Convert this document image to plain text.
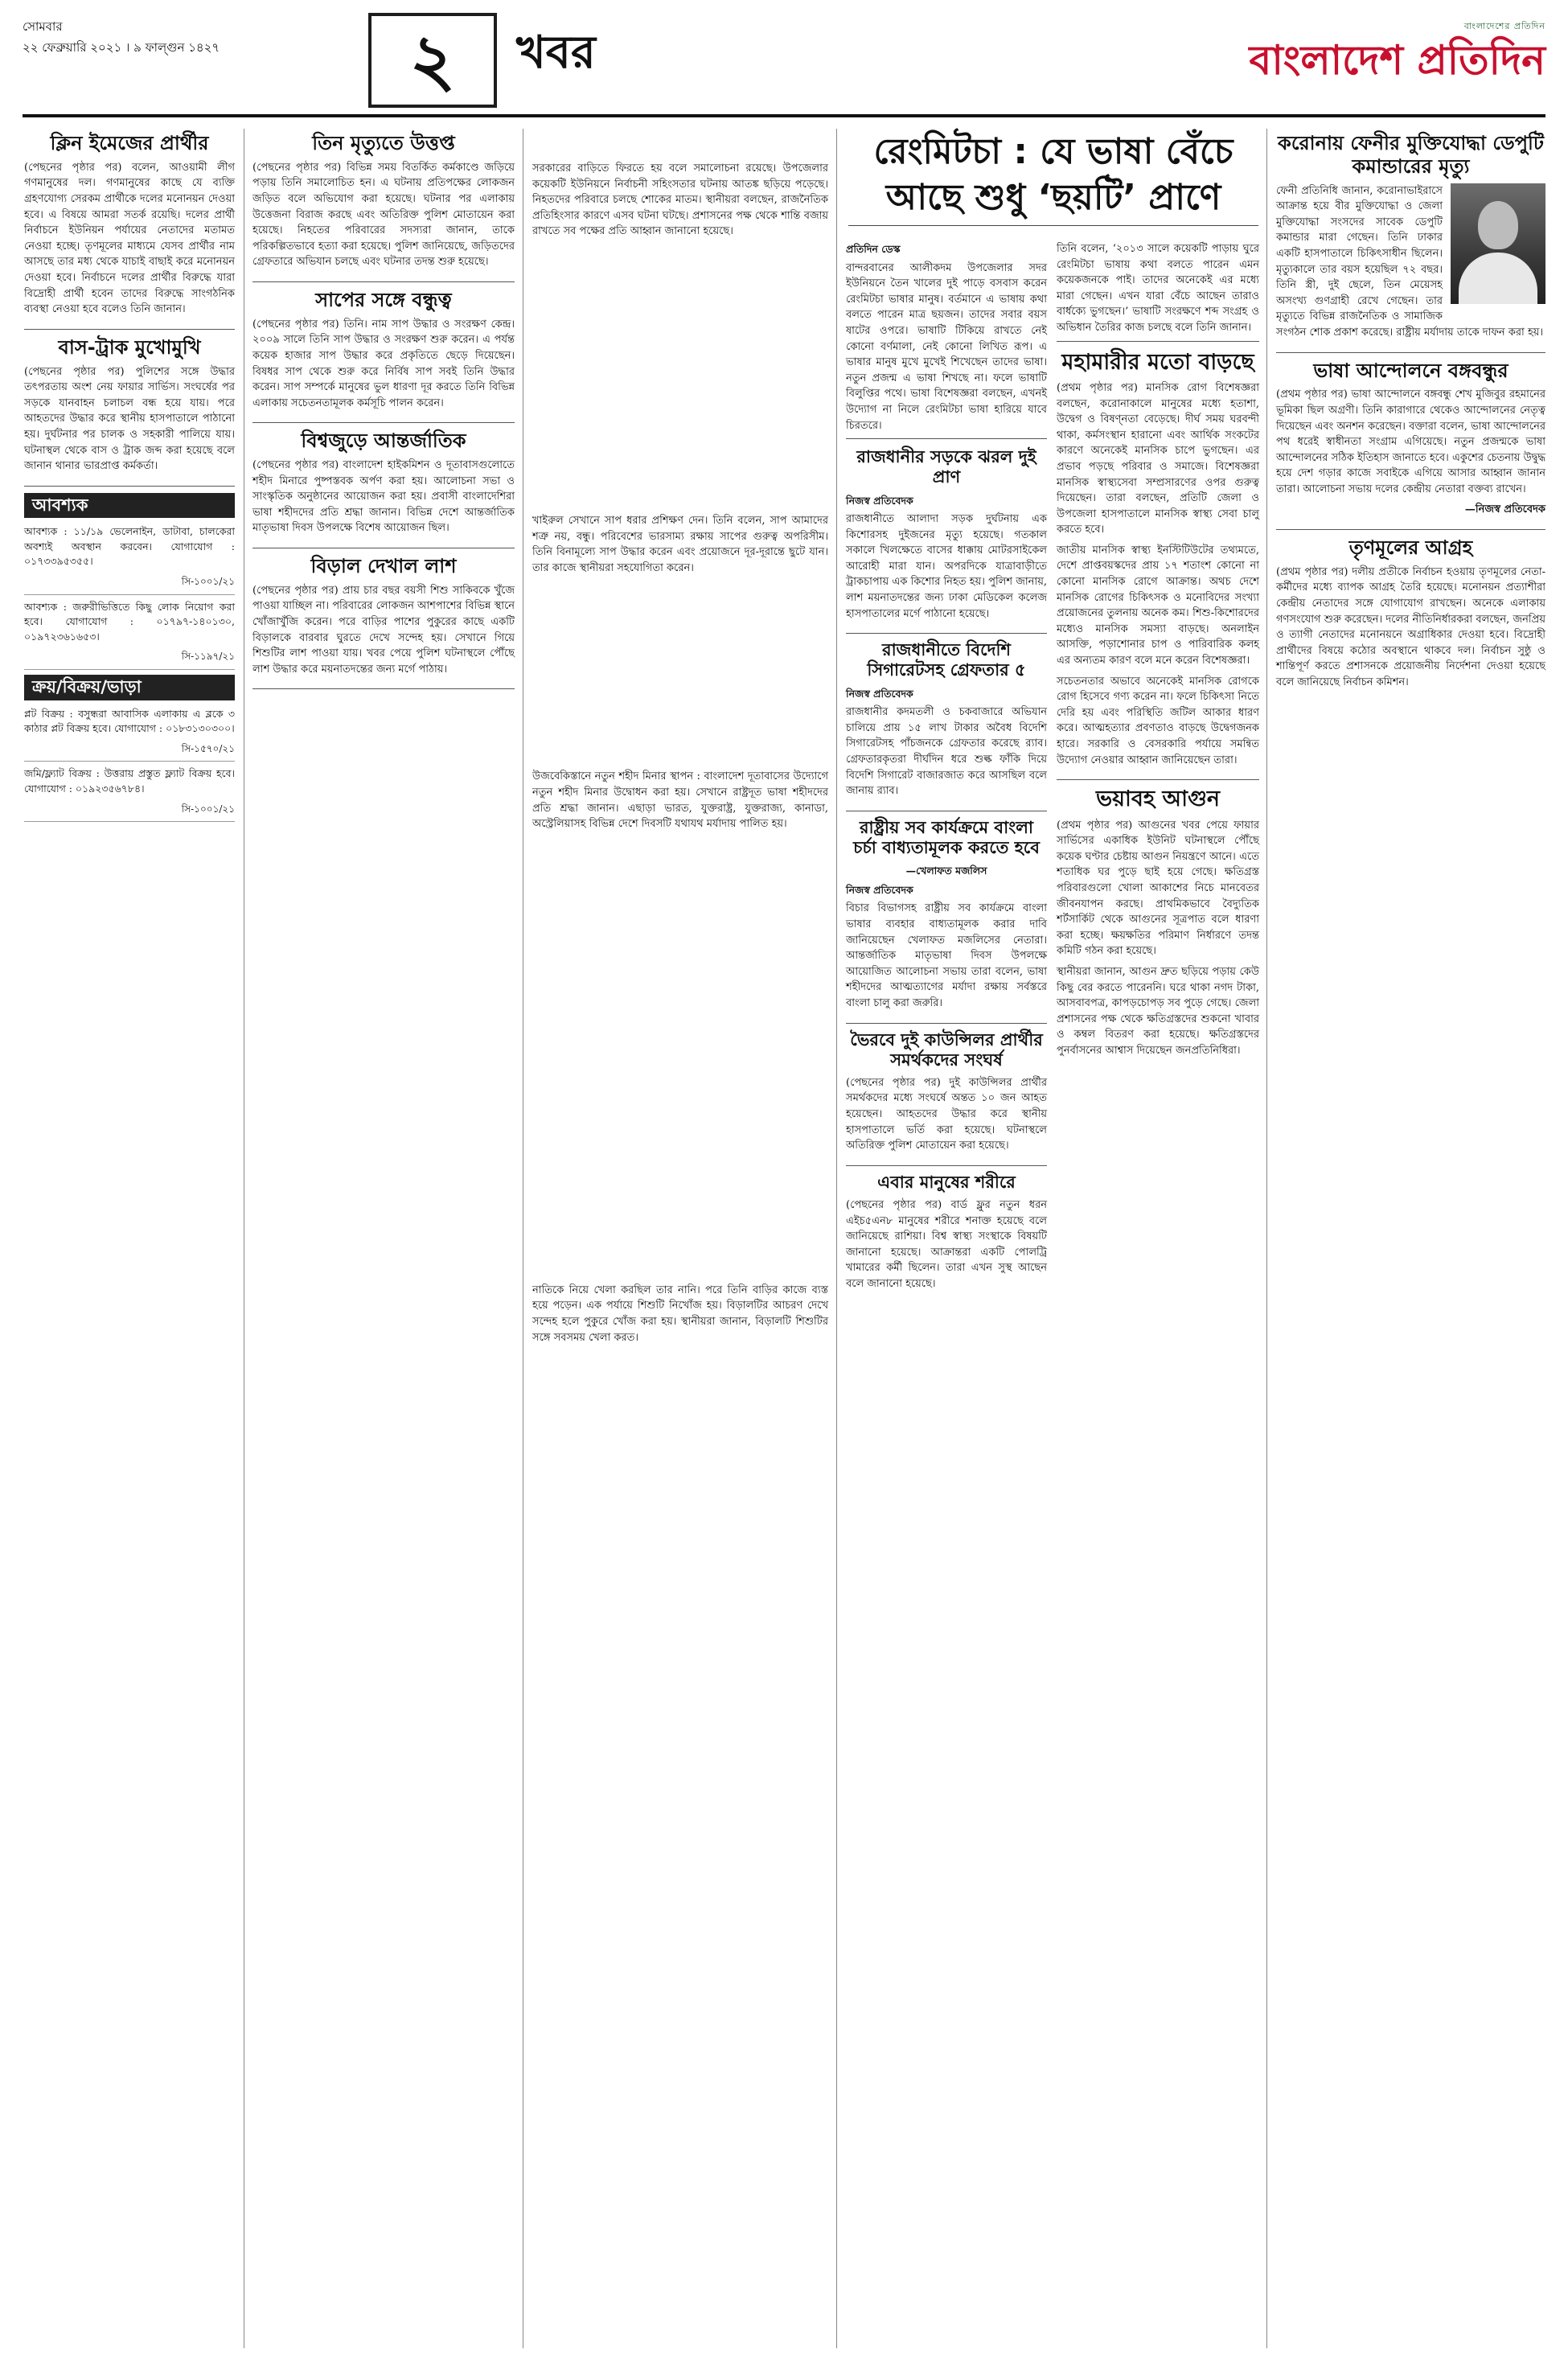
সোমবার
২২ ফেব্রুয়ারি ২০২১ । ৯ ফাল্গুন ১৪২৭	২ খবর	বাংলাদেশের প্রতিদিন
বাংলাদেশ প্রতিদিন
ক্লিন ইমেজের প্রার্থীর

(পেছনের পৃষ্ঠার পর) বলেন, আওয়ামী লীগ গণমানুষের দল। গণমানুষের কাছে যে ব্যক্তি গ্রহণযোগ্য সেরকম প্রার্থীকে দলের মনোনয়ন দেওয়া হবে। এ বিষয়ে আমরা সতর্ক রয়েছি। দলের প্রার্থী নির্বাচনে ইউনিয়ন পর্যায়ের নেতাদের মতামত নেওয়া হচ্ছে। তৃণমূলের মাধ্যমে যেসব প্রার্থীর নাম আসছে তার মধ্য থেকে যাচাই বাছাই করে মনোনয়ন দেওয়া হবে। নির্বাচনে দলের প্রার্থীর বিরুদ্ধে যারা বিদ্রোহী প্রার্থী হবেন তাদের বিরুদ্ধে সাংগঠনিক ব্যবস্থা নেওয়া হবে বলেও তিনি জানান।

বাস-ট্রাক মুখোমুখি

(পেছনের পৃষ্ঠার পর) পুলিশের সঙ্গে উদ্ধার তৎপরতায় অংশ নেয় ফায়ার সার্ভিস। সংঘর্ষের পর সড়কে যানবাহন চলাচল বন্ধ হয়ে যায়। পরে আহতদের উদ্ধার করে স্থানীয় হাসপাতালে পাঠানো হয়। দুর্ঘটনার পর চালক ও সহকারী পালিয়ে যায়। ঘটনাস্থল থেকে বাস ও ট্রাক জব্দ করা হয়েছে বলে জানান থানার ভারপ্রাপ্ত কর্মকর্তা।

আবশ্যক

আবশ্যক : ১১/১৯ ভেলেনাইন, ডাটাবা, চালকেরা অবশ্যই অবস্থান করবেন। যোগাযোগ : ০১৭৩৩৯৫৩৫৫।

সি-১০০১/২১

আবশ্যক : জরুরীভিত্তিতে কিছু লোক নিয়োগ করা হবে। যোগাযোগ : ০১৭৯৭-১৪০১৩০, ০১৯৭২৩৬১৬৫৩।

সি-১১৯৭/২১
ক্রয়/বিক্রয়/ভাড়া

প্লট বিক্রয় : বসুন্ধরা আবাসিক এলাকায় এ ব্লকে ৩ কাঠার প্লট বিক্রয় হবে। যোগাযোগ : ০১৮৩১৩০৩০০।

সি-১৫৭০/২১

জমি/ফ্ল্যাট বিক্রয় : উত্তরায় প্রস্তুত ফ্ল্যাট বিক্রয় হবে। যোগাযোগ : ০১৯২৩৫৬৭৮৪।

সি-১০০১/২১
তিন মৃত্যুতে উত্তপ্ত

(পেছনের পৃষ্ঠার পর) বিভিন্ন সময় বিতর্কিত কর্মকাণ্ডে জড়িয়ে পড়ায় তিনি সমালোচিত হন। এ ঘটনায় প্রতিপক্ষের লোকজন জড়িত বলে অভিযোগ করা হয়েছে। ঘটনার পর এলাকায় উত্তেজনা বিরাজ করছে এবং অতিরিক্ত পুলিশ মোতায়েন করা হয়েছে। নিহতের পরিবারের সদস্যরা জানান, তাকে পরিকল্পিতভাবে হত্যা করা হয়েছে। পুলিশ জানিয়েছে, জড়িতদের গ্রেফতারে অভিযান চলছে এবং ঘটনার তদন্ত শুরু হয়েছে।

সাপের সঙ্গে বন্ধুত্ব

(পেছনের পৃষ্ঠার পর) তিনি। নাম সাপ উদ্ধার ও সংরক্ষণ কেন্দ্র। ২০০৯ সালে তিনি সাপ উদ্ধার ও সংরক্ষণ শুরু করেন। এ পর্যন্ত কয়েক হাজার সাপ উদ্ধার করে প্রকৃতিতে ছেড়ে দিয়েছেন। বিষধর সাপ থেকে শুরু করে নির্বিষ সাপ সবই তিনি উদ্ধার করেন। সাপ সম্পর্কে মানুষের ভুল ধারণা দূর করতে তিনি বিভিন্ন এলাকায় সচেতনতামূলক কর্মসূচি পালন করেন।

বিশ্বজুড়ে আন্তর্জাতিক

(পেছনের পৃষ্ঠার পর) বাংলাদেশ হাইকমিশন ও দূতাবাসগুলোতে শহীদ মিনারে পুষ্পস্তবক অর্পণ করা হয়। আলোচনা সভা ও সাংস্কৃতিক অনুষ্ঠানের আয়োজন করা হয়। প্রবাসী বাংলাদেশিরা ভাষা শহীদদের প্রতি শ্রদ্ধা জানান। বিভিন্ন দেশে আন্তর্জাতিক মাতৃভাষা দিবস উপলক্ষে বিশেষ আয়োজন ছিল।

বিড়াল দেখাল লাশ

(পেছনের পৃষ্ঠার পর) প্রায় চার বছর বয়সী শিশু সাকিবকে খুঁজে পাওয়া যাচ্ছিল না। পরিবারের লোকজন আশপাশের বিভিন্ন স্থানে খোঁজাখুঁজি করেন। পরে বাড়ির পাশের পুকুরের কাছে একটি বিড়ালকে বারবার ঘুরতে দেখে সন্দেহ হয়। সেখানে গিয়ে শিশুটির লাশ পাওয়া যায়। খবর পেয়ে পুলিশ ঘটনাস্থলে পৌঁছে লাশ উদ্ধার করে ময়নাতদন্তের জন্য মর্গে পাঠায়।

সরকারের বাড়িতে ফিরতে হয় বলে সমালোচনা রয়েছে। উপজেলার কয়েকটি ইউনিয়নে নির্বাচনী সহিংসতার ঘটনায় আতঙ্ক ছড়িয়ে পড়েছে। নিহতদের পরিবারে চলছে শোকের মাতম। স্থানীয়রা বলছেন, রাজনৈতিক প্রতিহিংসার কারণে এসব ঘটনা ঘটছে। প্রশাসনের পক্ষ থেকে শান্তি বজায় রাখতে সব পক্ষের প্রতি আহ্বান জানানো হয়েছে।

খাইরুল সেখানে সাপ ধরার প্রশিক্ষণ দেন। তিনি বলেন, সাপ আমাদের শত্রু নয়, বন্ধু। পরিবেশের ভারসাম্য রক্ষায় সাপের গুরুত্ব অপরিসীম। তিনি বিনামূল্যে সাপ উদ্ধার করেন এবং প্রয়োজনে দূর-দূরান্তে ছুটে যান। তার কাজে স্থানীয়রা সহযোগিতা করেন।

উজবেকিস্তানে নতুন শহীদ মিনার স্থাপন : বাংলাদেশ দূতাবাসের উদ্যোগে নতুন শহীদ মিনার উদ্বোধন করা হয়। সেখানে রাষ্ট্রদূত ভাষা শহীদদের প্রতি শ্রদ্ধা জানান। এছাড়া ভারত, যুক্তরাষ্ট্র, যুক্তরাজ্য, কানাডা, অস্ট্রেলিয়াসহ বিভিন্ন দেশে দিবসটি যথাযথ মর্যাদায় পালিত হয়।

নাতিকে নিয়ে খেলা করছিল তার নানি। পরে তিনি বাড়ির কাজে ব্যস্ত হয়ে পড়েন। এক পর্যায়ে শিশুটি নিখোঁজ হয়। বিড়ালটির আচরণ দেখে সন্দেহ হলে পুকুরে খোঁজ করা হয়। স্থানীয়রা জানান, বিড়ালটি শিশুটির সঙ্গে সবসময় খেলা করত।

রেংমিটচা : যে ভাষা বেঁচে আছে শুধু ‘ছয়টি’ প্রাণে
প্রতিদিন ডেস্ক

বান্দরবানের আলীকদম উপজেলার সদর ইউনিয়নে তৈন খালের দুই পাড়ে বসবাস করেন রেংমিটচা ভাষার মানুষ। বর্তমানে এ ভাষায় কথা বলতে পারেন মাত্র ছয়জন। তাদের সবার বয়স ষাটের ওপরে। ভাষাটি টিকিয়ে রাখতে নেই কোনো বর্ণমালা, নেই কোনো লিখিত রূপ। এ ভাষার মানুষ মুখে মুখেই শিখেছেন তাদের ভাষা। নতুন প্রজন্ম এ ভাষা শিখছে না। ফলে ভাষাটি বিলুপ্তির পথে। ভাষা বিশেষজ্ঞরা বলছেন, এখনই উদ্যোগ না নিলে রেংমিটচা ভাষা হারিয়ে যাবে চিরতরে।

রাজধানীর সড়কে ঝরল দুই প্রাণ
নিজস্ব প্রতিবেদক

রাজধানীতে আলাদা সড়ক দুর্ঘটনায় এক কিশোরসহ দুইজনের মৃত্যু হয়েছে। গতকাল সকালে খিলক্ষেতে বাসের ধাক্কায় মোটরসাইকেল আরোহী মারা যান। অপরদিকে যাত্রাবাড়ীতে ট্রাকচাপায় এক কিশোর নিহত হয়। পুলিশ জানায়, লাশ ময়নাতদন্তের জন্য ঢাকা মেডিকেল কলেজ হাসপাতালের মর্গে পাঠানো হয়েছে।

রাজধানীতে বিদেশি সিগারেটসহ গ্রেফতার ৫
নিজস্ব প্রতিবেদক

রাজধানীর কদমতলী ও চকবাজারে অভিযান চালিয়ে প্রায় ১৫ লাখ টাকার অবৈধ বিদেশি সিগারেটসহ পাঁচজনকে গ্রেফতার করেছে র‌্যাব। গ্রেফতারকৃতরা দীর্ঘদিন ধরে শুল্ক ফাঁকি দিয়ে বিদেশি সিগারেট বাজারজাত করে আসছিল বলে জানায় র‌্যাব।

রাষ্ট্রীয় সব কার্যক্রমে বাংলা চর্চা বাধ্যতামূলক করতে হবে
—খেলাফত মজলিস
নিজস্ব প্রতিবেদক

বিচার বিভাগসহ রাষ্ট্রীয় সব কার্যক্রমে বাংলা ভাষার ব্যবহার বাধ্যতামূলক করার দাবি জানিয়েছেন খেলাফত মজলিসের নেতারা। আন্তর্জাতিক মাতৃভাষা দিবস উপলক্ষে আয়োজিত আলোচনা সভায় তারা বলেন, ভাষা শহীদদের আত্মত্যাগের মর্যাদা রক্ষায় সর্বস্তরে বাংলা চালু করা জরুরি।

ভৈরবে দুই কাউন্সিলর প্রার্থীর সমর্থকদের সংঘর্ষ

(পেছনের পৃষ্ঠার পর) দুই কাউন্সিলর প্রার্থীর সমর্থকদের মধ্যে সংঘর্ষে অন্তত ১০ জন আহত হয়েছেন। আহতদের উদ্ধার করে স্থানীয় হাসপাতালে ভর্তি করা হয়েছে। ঘটনাস্থলে অতিরিক্ত পুলিশ মোতায়েন করা হয়েছে।

এবার মানুষের শরীরে

(পেছনের পৃষ্ঠার পর) বার্ড ফ্লুর নতুন ধরন এইচ৫এন৮ মানুষের শরীরে শনাক্ত হয়েছে বলে জানিয়েছে রাশিয়া। বিশ্ব স্বাস্থ্য সংস্থাকে বিষয়টি জানানো হয়েছে। আক্রান্তরা একটি পোলট্রি খামারের কর্মী ছিলেন। তারা এখন সুস্থ আছেন বলে জানানো হয়েছে।

তিনি বলেন, ‘২০১৩ সালে কয়েকটি পাড়ায় ঘুরে রেংমিটচা ভাষায় কথা বলতে পারেন এমন কয়েকজনকে পাই। তাদের অনেকেই এর মধ্যে মারা গেছেন। এখন যারা বেঁচে আছেন তারাও বার্ধক্যে ভুগছেন।’ ভাষাটি সংরক্ষণে শব্দ সংগ্রহ ও অভিধান তৈরির কাজ চলছে বলে তিনি জানান।

মহামারীর মতো বাড়ছে

(প্রথম পৃষ্ঠার পর) মানসিক রোগ বিশেষজ্ঞরা বলছেন, করোনাকালে মানুষের মধ্যে হতাশা, উদ্বেগ ও বিষণ্নতা বেড়েছে। দীর্ঘ সময় ঘরবন্দী থাকা, কর্মসংস্থান হারানো এবং আর্থিক সংকটের কারণে অনেকেই মানসিক চাপে ভুগছেন। এর প্রভাব পড়ছে পরিবার ও সমাজে। বিশেষজ্ঞরা মানসিক স্বাস্থ্যসেবা সম্প্রসারণের ওপর গুরুত্ব দিয়েছেন। তারা বলছেন, প্রতিটি জেলা ও উপজেলা হাসপাতালে মানসিক স্বাস্থ্য সেবা চালু করতে হবে।

জাতীয় মানসিক স্বাস্থ্য ইনস্টিটিউটের তথ্যমতে, দেশে প্রাপ্তবয়স্কদের প্রায় ১৭ শতাংশ কোনো না কোনো মানসিক রোগে আক্রান্ত। অথচ দেশে মানসিক রোগের চিকিৎসক ও মনোবিদের সংখ্যা প্রয়োজনের তুলনায় অনেক কম। শিশু-কিশোরদের মধ্যেও মানসিক সমস্যা বাড়ছে। অনলাইন আসক্তি, পড়াশোনার চাপ ও পারিবারিক কলহ এর অন্যতম কারণ বলে মনে করেন বিশেষজ্ঞরা।

সচেতনতার অভাবে অনেকেই মানসিক রোগকে রোগ হিসেবে গণ্য করেন না। ফলে চিকিৎসা নিতে দেরি হয় এবং পরিস্থিতি জটিল আকার ধারণ করে। আত্মহত্যার প্রবণতাও বাড়ছে উদ্বেগজনক হারে। সরকারি ও বেসরকারি পর্যায়ে সমন্বিত উদ্যোগ নেওয়ার আহ্বান জানিয়েছেন তারা।

ভয়াবহ আগুন

(প্রথম পৃষ্ঠার পর) আগুনের খবর পেয়ে ফায়ার সার্ভিসের একাধিক ইউনিট ঘটনাস্থলে পৌঁছে কয়েক ঘণ্টার চেষ্টায় আগুন নিয়ন্ত্রণে আনে। এতে শতাধিক ঘর পুড়ে ছাই হয়ে গেছে। ক্ষতিগ্রস্ত পরিবারগুলো খোলা আকাশের নিচে মানবেতর জীবনযাপন করছে। প্রাথমিকভাবে বৈদ্যুতিক শর্টসার্কিট থেকে আগুনের সূত্রপাত বলে ধারণা করা হচ্ছে। ক্ষয়ক্ষতির পরিমাণ নির্ধারণে তদন্ত কমিটি গঠন করা হয়েছে।

স্থানীয়রা জানান, আগুন দ্রুত ছড়িয়ে পড়ায় কেউ কিছু বের করতে পারেননি। ঘরে থাকা নগদ টাকা, আসবাবপত্র, কাপড়চোপড় সব পুড়ে গেছে। জেলা প্রশাসনের পক্ষ থেকে ক্ষতিগ্রস্তদের শুকনো খাবার ও কম্বল বিতরণ করা হয়েছে। ক্ষতিগ্রস্তদের পুনর্বাসনের আশ্বাস দিয়েছেন জনপ্রতিনিধিরা।

করোনায় ফেনীর মুক্তিযোদ্ধা ডেপুটি কমান্ডারের মৃত্যু

ফেনী প্রতিনিধি জানান, করোনাভাইরাসে আক্রান্ত হয়ে বীর মুক্তিযোদ্ধা ও জেলা মুক্তিযোদ্ধা সংসদের সাবেক ডেপুটি কমান্ডার মারা গেছেন। তিনি ঢাকার একটি হাসপাতালে চিকিৎসাধীন ছিলেন। মৃত্যুকালে তার বয়স হয়েছিল ৭২ বছর। তিনি স্ত্রী, দুই ছেলে, তিন মেয়েসহ অসংখ্য গুণগ্রাহী রেখে গেছেন। তার মৃত্যুতে বিভিন্ন রাজনৈতিক ও সামাজিক সংগঠন শোক প্রকাশ করেছে। রাষ্ট্রীয় মর্যাদায় তাকে দাফন করা হয়।

ভাষা আন্দোলনে বঙ্গবন্ধুর

(প্রথম পৃষ্ঠার পর) ভাষা আন্দোলনে বঙ্গবন্ধু শেখ মুজিবুর রহমানের ভূমিকা ছিল অগ্রণী। তিনি কারাগারে থেকেও আন্দোলনের নেতৃত্ব দিয়েছেন এবং অনশন করেছেন। বক্তারা বলেন, ভাষা আন্দোলনের পথ ধরেই স্বাধীনতা সংগ্রাম এগিয়েছে। নতুন প্রজন্মকে ভাষা আন্দোলনের সঠিক ইতিহাস জানাতে হবে। একুশের চেতনায় উদ্বুদ্ধ হয়ে দেশ গড়ার কাজে সবাইকে এগিয়ে আসার আহ্বান জানান তারা। আলোচনা সভায় দলের কেন্দ্রীয় নেতারা বক্তব্য রাখেন।

—নিজস্ব প্রতিবেদক

তৃণমূলের আগ্রহ

(প্রথম পৃষ্ঠার পর) দলীয় প্রতীকে নির্বাচন হওয়ায় তৃণমূলের নেতা-কর্মীদের মধ্যে ব্যাপক আগ্রহ তৈরি হয়েছে। মনোনয়ন প্রত্যাশীরা কেন্দ্রীয় নেতাদের সঙ্গে যোগাযোগ রাখছেন। অনেকে এলাকায় গণসংযোগ শুরু করেছেন। দলের নীতিনির্ধারকরা বলছেন, জনপ্রিয় ও ত্যাগী নেতাদের মনোনয়নে অগ্রাধিকার দেওয়া হবে। বিদ্রোহী প্রার্থীদের বিষয়ে কঠোর অবস্থানে থাকবে দল। নির্বাচন সুষ্ঠু ও শান্তিপূর্ণ করতে প্রশাসনকে প্রয়োজনীয় নির্দেশনা দেওয়া হয়েছে বলে জানিয়েছে নির্বাচন কমিশন।
